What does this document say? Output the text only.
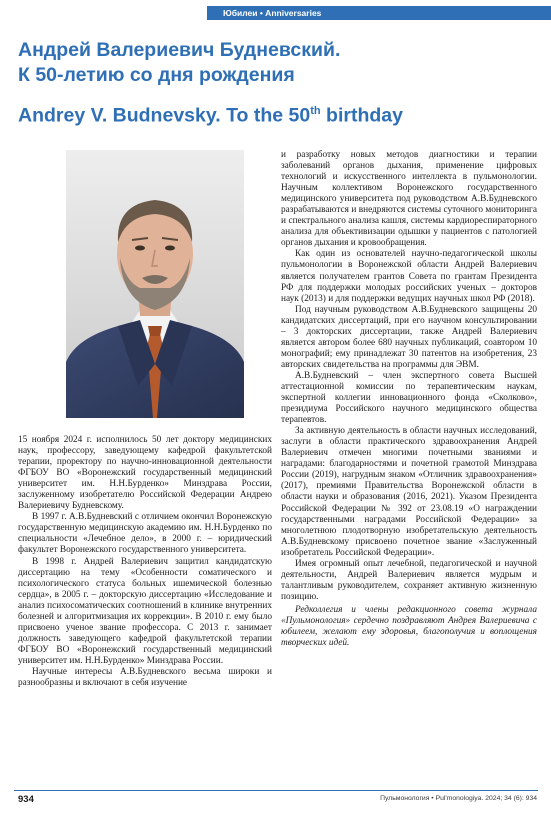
Юбилеи • Anniversaries
Андрей Валериевич Будневский.
К 50-летию со дня рождения
Andrey V. Budnevsky. To the 50th birthday

15 ноября 2024 г. исполнилось 50 лет доктору медицинских наук, профессору, заведующему кафедрой факультетской терапии, проректору по научно-инновационной деятельности ФГБОУ ВО «Воронежский государственный медицинский университет им. Н.Н.Бурденко» Минздрава России, заслуженному изобретателю Российской Федерации Андрею Валериевичу Будневскому.

В 1997 г. А.В.Будневский с отличием окончил Воронежскую государственную медицинскую академию им. Н.Н.Бурденко по специальности «Лечебное дело», в 2000 г. – юридический факультет Воронежского государственного университета.

В 1998 г. Андрей Валериевич защитил кандидатскую диссертацию на тему «Особенности соматического и психологического статуса больных ишемической болезнью сердца», в 2005 г. – докторскую диссертацию «Исследование и анализ психосоматических соотношений в клинике внутренних болезней и алгоритмизация их коррекции». В 2010 г. ему было присвоено ученое звание профессора. С 2013 г. занимает должность заведующего кафедрой факультетской терапии ФГБОУ ВО «Воронежский государственный медицинский университет им. Н.Н.Бурденко» Минздрава России.

Научные интересы А.В.Будневского весьма широки и разнообразны и включают в себя изучение

и разработку новых методов диагностики и терапии заболеваний органов дыхания, применение цифровых технологий и искусственного интеллекта в пульмонологии. Научным коллективом Воронежского государственного медицинского университета под руководством А.В.Будневского разрабатываются и внедряются системы суточного мониторинга и спектрального анализа кашля, системы кардиореспираторного анализа для объективизации одышки у пациентов с патологией органов дыхания и кровообращения.

Как один из основателей научно-педагогической школы пульмонологии в Воронежской области Андрей Валериевич является получателем грантов Совета по грантам Президента РФ для поддержки молодых российских ученых – докторов наук (2013) и для поддержки ведущих научных школ РФ (2018).

Под научным руководством А.В.Будневского защищены 20 кандидатских диссертаций, при его научном консультировании – 3 докторских диссертации, также Андрей Валериевич является автором более 680 научных публикаций, соавтором 10 монографий; ему принадлежат 30 патентов на изобретения, 23 авторских свидетельства на программы для ЭВМ.

А.В.Будневский – член экспертного совета Высшей аттестационной комиссии по терапевтическим наукам, экспертной коллегии инновационного фонда «Сколково», президиума Российского научного медицинского общества терапевтов.

За активную деятельность в области научных исследований, заслуги в области практического здравоохранения Андрей Валериевич отмечен многими почетными званиями и наградами: благодарностями и почетной грамотой Минздрава России (2019), нагрудным знаком «Отличник здравоохранения» (2017), премиями Правительства Воронежской области в области науки и образования (2016, 2021). Указом Президента Российской Федерации № 392 от 23.08.19 «О награждении государственными наградами Российской Федерации» за многолетнюю плодотворную изобретательскую деятельность А.В.Будневскому присвоено почетное звание «Заслуженный изобретатель Российской Федерации».

Имея огромный опыт лечебной, педагогической и научной деятельности, Андрей Валериевич является мудрым и талантливым руководителем, сохраняет активную жизненную позицию.

Редколлегия и члены редакционного совета журнала «Пульмонология» сердечно поздравляют Андрея Валериевича с юбилеем, желают ему здоровья, благополучия и воплощения творческих идей.

934	Пульмонология • Pul'monologiya. 2024; 34 (6): 934
